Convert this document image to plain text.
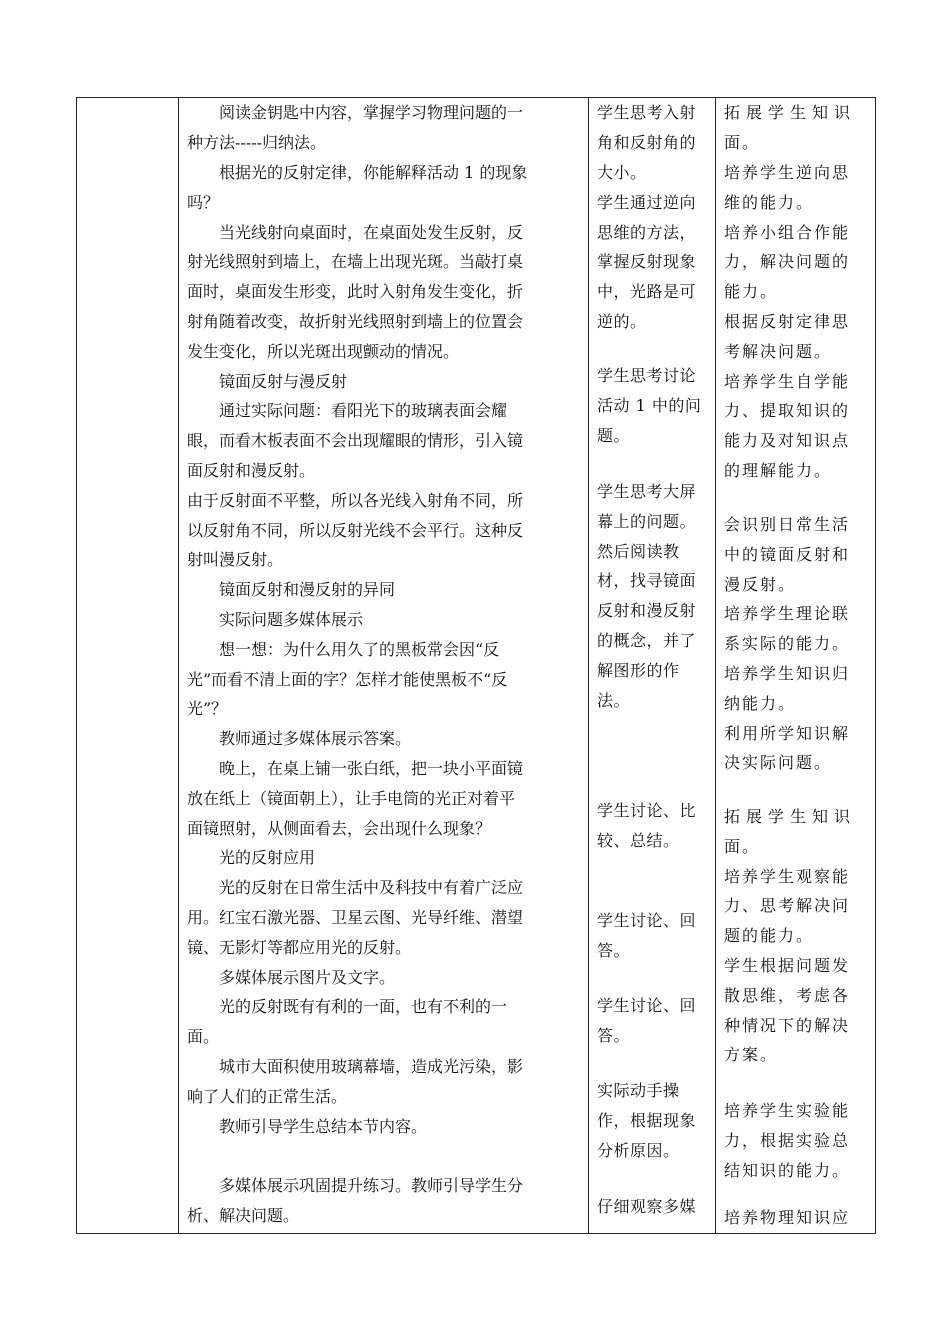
阅读金钥匙中内容，掌握学习物理问题的一
种方法-----归纳法。
根据光的反射定律，你能解释活动 1 的现象
吗？
当光线射向桌面时，在桌面处发生反射，反
射光线照射到墙上，在墙上出现光斑。当敲打桌
面时，桌面发生形变，此时入射角发生变化，折
射角随着改变，故折射光线照射到墙上的位置会
发生变化，所以光斑出现颤动的情况。
镜面反射与漫反射
通过实际问题：看阳光下的玻璃表面会耀
眼，而看木板表面不会出现耀眼的情形，引入镜
面反射和漫反射。
由于反射面不平整，所以各光线入射角不同，所
以反射角不同，所以反射光线不会平行。这种反
射叫漫反射。
镜面反射和漫反射的异同
实际问题多媒体展示
想一想：为什么用久了的黑板常会因“反
光”而看不清上面的字？怎样才能使黑板不“反
光”？
教师通过多媒体展示答案。
晚上，在桌上铺一张白纸，把一块小平面镜
放在纸上（镜面朝上），让手电筒的光正对着平
面镜照射，从侧面看去，会出现什么现象？
光的反射应用
光的反射在日常生活中及科技中有着广泛应
用。红宝石激光器、卫星云图、光导纤维、潜望
镜、无影灯等都应用光的反射。
多媒体展示图片及文字。
光的反射既有有利的一面，也有不利的一
面。
城市大面积使用玻璃幕墙，造成光污染，影
响了人们的正常生活。
教师引导学生总结本节内容。
多媒体展示巩固提升练习。教师引导学生分
析、解决问题。
学生思考入射
角和反射角的
大小。
学生通过逆向
思维的方法，
掌握反射现象
中，光路是可
逆的。
学生思考讨论
活动 1 中的问
题。
学生思考大屏
幕上的问题。
然后阅读教
材，找寻镜面
反射和漫反射
的概念，并了
解图形的作
法。
学生讨论、比
较、总结。
学生讨论、回
答。
学生讨论、回
答。
实际动手操
作，根据现象
分析原因。
仔细观察多媒
拓展学生知识
面。
培养学生逆向思
维的能力。
培养小组合作能
力，解决问题的
能力。
根据反射定律思
考解决问题。
培养学生自学能
力、提取知识的
能力及对知识点
的理解能力。
会识别日常生活
中的镜面反射和
漫反射。
培养学生理论联
系实际的能力。
培养学生知识归
纳能力。
利用所学知识解
决实际问题。
拓展学生知识
面。
培养学生观察能
力、思考解决问
题的能力。
学生根据问题发
散思维，考虑各
种情况下的解决
方案。
培养学生实验能
力，根据实验总
结知识的能力。
培养物理知识应
